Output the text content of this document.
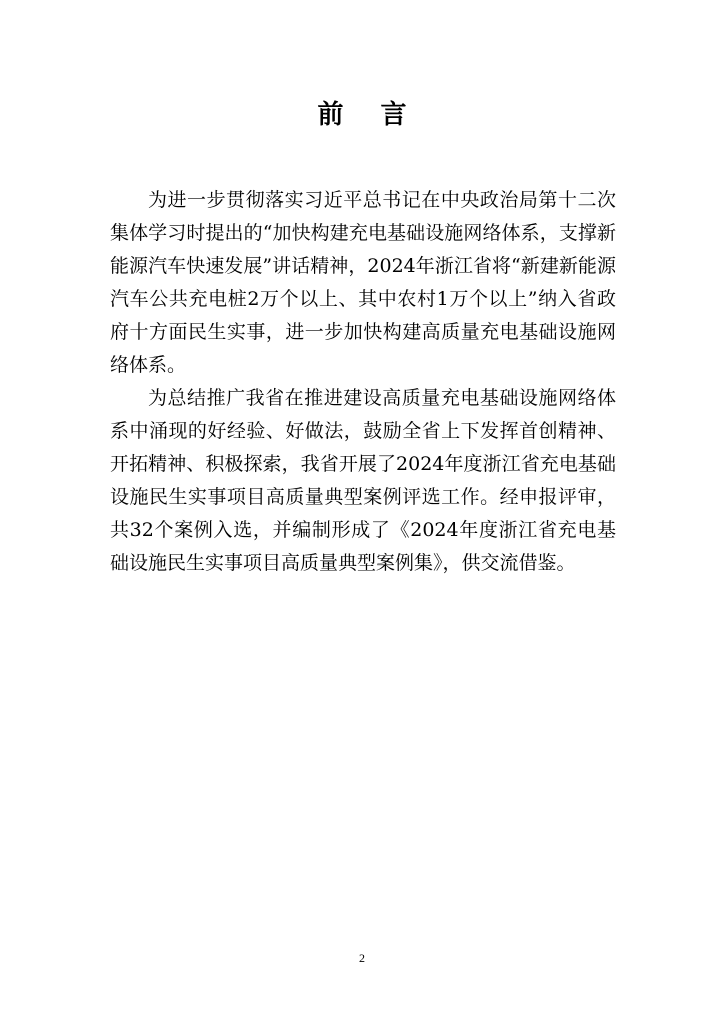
前 言

为进一步贯彻落实习近平总书记在中央政治局第十二次集体学习时提出的“加快构建充电基础设施网络体系，支撑新能源汽车快速发展”讲话精神，2024年浙江省将“新建新能源汽车公共充电桩2万个以上、其中农村1万个以上”纳入省政府十方面民生实事，进一步加快构建高质量充电基础设施网络体系。

为总结推广我省在推进建设高质量充电基础设施网络体系中涌现的好经验、好做法，鼓励全省上下发挥首创精神、开拓精神、积极探索，我省开展了2024年度浙江省充电基础设施民生实事项目高质量典型案例评选工作。经申报评审，共32个案例入选，并编制形成了《2024年度浙江省充电基础设施民生实事项目高质量典型案例集》，供交流借鉴。

2
